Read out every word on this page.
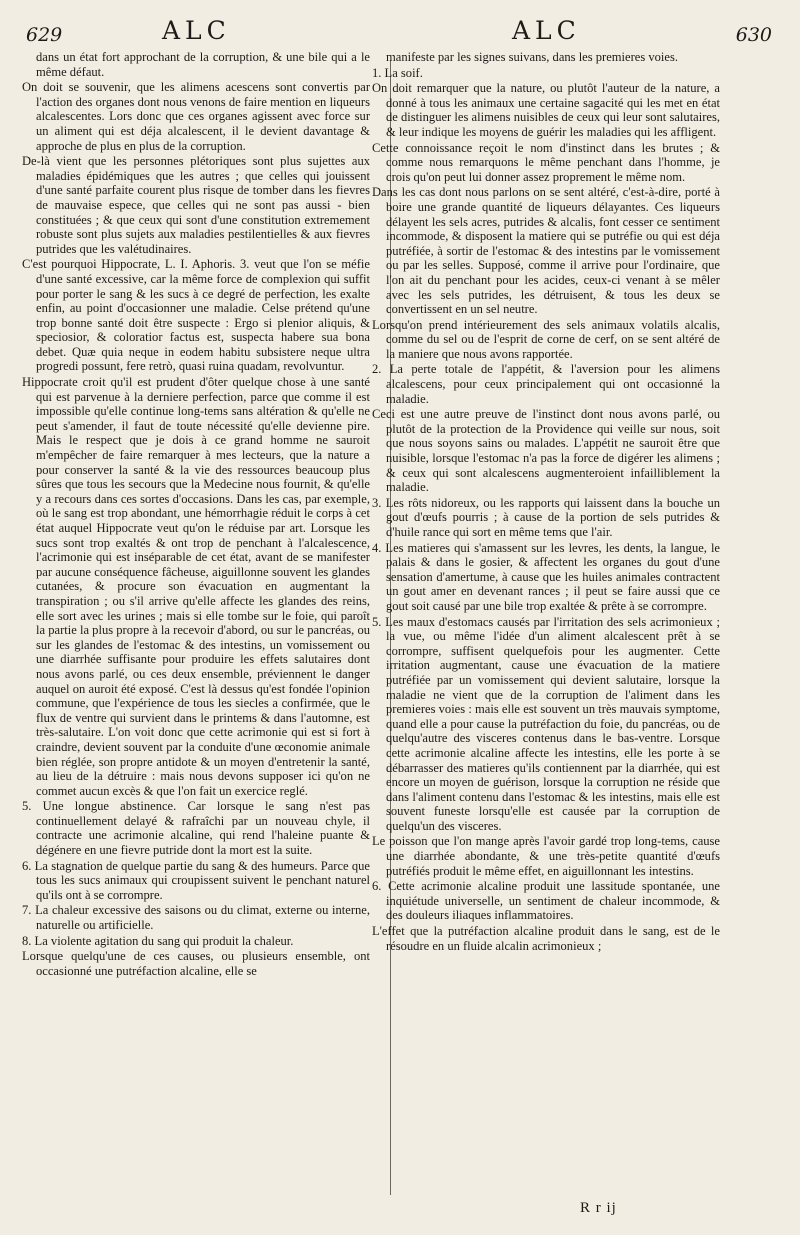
629	ALC	ALC	630

dans un état fort approchant de la corruption, & une bile qui a le même défaut.

On doit se souvenir, que les alimens acescens sont convertis par l'action des organes dont nous venons de faire mention en liqueurs alcalescentes. Lors donc que ces organes agissent avec force sur un aliment qui est déja alcalescent, il le devient davantage & approche de plus en plus de la corruption.

De-là vient que les personnes plétoriques sont plus sujettes aux maladies épidémiques que les autres ; que celles qui jouissent d'une santé parfaite courent plus risque de tomber dans les fievres de mauvaise espece, que celles qui ne sont pas aussi - bien constituées ; & que ceux qui sont d'une constitution extremement robuste sont plus sujets aux maladies pestilentielles & aux fievres putrides que les valétudinaires.

C'est pourquoi Hippocrate, L. I. Aphoris. 3. veut que l'on se méfie d'une santé excessive, car la même force de complexion qui suffit pour porter le sang & les sucs à ce degré de perfection, les exalte enfin, au point d'occasionner une maladie. Celse prétend qu'une trop bonne santé doit être suspecte : Ergo si plenior aliquis, & speciosior, & coloratior factus est, suspecta habere sua bona debet. Quæ quia neque in eodem habitu subsistere neque ultra progredi possunt, fere retrò, quasi ruina quadam, revolvuntur.

Hippocrate croit qu'il est prudent d'ôter quelque chose à une santé qui est parvenue à la derniere perfection, parce que comme il est impossible qu'elle continue long-tems sans altération & qu'elle ne peut s'amender, il faut de toute nécessité qu'elle devienne pire. Mais le respect que je dois à ce grand homme ne sauroit m'empêcher de faire remarquer à mes lecteurs, que la nature a pour conserver la santé & la vie des ressources beaucoup plus sûres que tous les secours que la Medecine nous fournit, & qu'elle y a recours dans ces sortes d'occasions. Dans les cas, par exemple, où le sang est trop abondant, une hémorrhagie réduit le corps à cet état auquel Hippocrate veut qu'on le réduise par art. Lorsque les sucs sont trop exaltés & ont trop de penchant à l'alcalescence, l'acrimonie qui est inséparable de cet état, avant de se manifester par aucune conséquence fâcheuse, aiguillonne souvent les glandes cutanées, & procure son évacuation en augmentant la transpiration ; ou s'il arrive qu'elle affecte les glandes des reins, elle sort avec les urines ; mais si elle tombe sur le foie, qui paroît la partie la plus propre à la recevoir d'abord, ou sur le pancréas, ou sur les glandes de l'estomac & des intestins, un vomissement ou une diarrhée suffisante pour produire les effets salutaires dont nous avons parlé, ou ces deux ensemble, préviennent le danger auquel on auroit été exposé. C'est là dessus qu'est fondée l'opinion commune, que l'expérience de tous les siecles a confirmée, que le flux de ventre qui survient dans le printems & dans l'automne, est très-salutaire. L'on voit donc que cette acrimonie qui est si fort à craindre, devient souvent par la conduite d'une œconomie animale bien réglée, son propre antidote & un moyen d'entretenir la santé, au lieu de la détruire : mais nous devons supposer ici qu'on ne commet aucun excès & que l'on fait un exercice reglé.

5. Une longue abstinence. Car lorsque le sang n'est pas continuellement delayé & rafraîchi par un nouveau chyle, il contracte une acrimonie alcaline, qui rend l'haleine puante & dégénere en une fievre putride dont la mort est la suite.

6. La stagnation de quelque partie du sang & des humeurs. Parce que tous les sucs animaux qui croupissent suivent le penchant naturel qu'ils ont à se corrompre.

7. La chaleur excessive des saisons ou du climat, externe ou interne, naturelle ou artificielle.

8. La violente agitation du sang qui produit la chaleur.

Lorsque quelqu'une de ces causes, ou plusieurs ensemble, ont occasionné une putréfaction alcaline, elle se

manifeste par les signes suivans, dans les premieres voies.

1. La soif.

On doit remarquer que la nature, ou plutôt l'auteur de la nature, a donné à tous les animaux une certaine sagacité qui les met en état de distinguer les alimens nuisibles de ceux qui leur sont salutaires, & leur indique les moyens de guérir les maladies qui les affligent.

Cette connoissance reçoit le nom d'instinct dans les brutes ; & comme nous remarquons le même penchant dans l'homme, je crois qu'on peut lui donner assez proprement le même nom.

Dans les cas dont nous parlons on se sent altéré, c'est-à-dire, porté à boire une grande quantité de liqueurs délayantes. Ces liqueurs délayent les sels acres, putrides & alcalis, font cesser ce sentiment incommode, & disposent la matiere qui se putréfie ou qui est déja putréfiée, à sortir de l'estomac & des intestins par le vomissement ou par les selles. Supposé, comme il arrive pour l'ordinaire, que l'on ait du penchant pour les acides, ceux-ci venant à se mêler avec les sels putrides, les détruisent, & tous les deux se convertissent en un sel neutre.

Lorsqu'on prend intérieurement des sels animaux volatils alcalis, comme du sel ou de l'esprit de corne de cerf, on se sent altéré de la maniere que nous avons rapportée.

2. La perte totale de l'appétit, & l'aversion pour les alimens alcalescens, pour ceux principalement qui ont occasionné la maladie.

Ceci est une autre preuve de l'instinct dont nous avons parlé, ou plutôt de la protection de la Providence qui veille sur nous, soit que nous soyons sains ou malades. L'appétit ne sauroit être que nuisible, lorsque l'estomac n'a pas la force de digérer les alimens ; & ceux qui sont alcalescens augmenteroient infailliblement la maladie.

3. Les rôts nidoreux, ou les rapports qui laissent dans la bouche un gout d'œufs pourris ; à cause de la portion de sels putrides & d'huile rance qui sort en même tems que l'air.

4. Les matieres qui s'amassent sur les levres, les dents, la langue, le palais & dans le gosier, & affectent les organes du gout d'une sensation d'amertume, à cause que les huiles animales contractent un gout amer en devenant rances ; il peut se faire aussi que ce gout soit causé par une bile trop exaltée & prête à se corrompre.

5. Les maux d'estomacs causés par l'irritation des sels acrimonieux ; la vue, ou même l'idée d'un aliment alcalescent prêt à se corrompre, suffisent quelquefois pour les augmenter. Cette irritation augmentant, cause une évacuation de la matiere putréfiée par un vomissement qui devient salutaire, lorsque la maladie ne vient que de la corruption de l'aliment dans les premieres voies : mais elle est souvent un très mauvais symptome, quand elle a pour cause la putréfaction du foie, du pancréas, ou de quelqu'autre des visceres contenus dans le bas-ventre. Lorsque cette acrimonie alcaline affecte les intestins, elle les porte à se débarrasser des matieres qu'ils contiennent par la diarrhée, qui est encore un moyen de guérison, lorsque la corruption ne réside que dans l'aliment contenu dans l'estomac & les intestins, mais elle est souvent funeste lorsqu'elle est causée par la corruption de quelqu'un des visceres.

Le poisson que l'on mange après l'avoir gardé trop long-tems, cause une diarrhée abondante, & une très-petite quantité d'œufs putréfiés produit le même effet, en aiguillonnant les intestins.

6. Cette acrimonie alcaline produit une lassitude spontanée, une inquiétude universelle, un sentiment de chaleur incommode, & des douleurs iliaques inflammatoires.

L'effet que la putréfaction alcaline produit dans le sang, est de le résoudre en un fluide alcalin acrimonieux ;

R r ij
